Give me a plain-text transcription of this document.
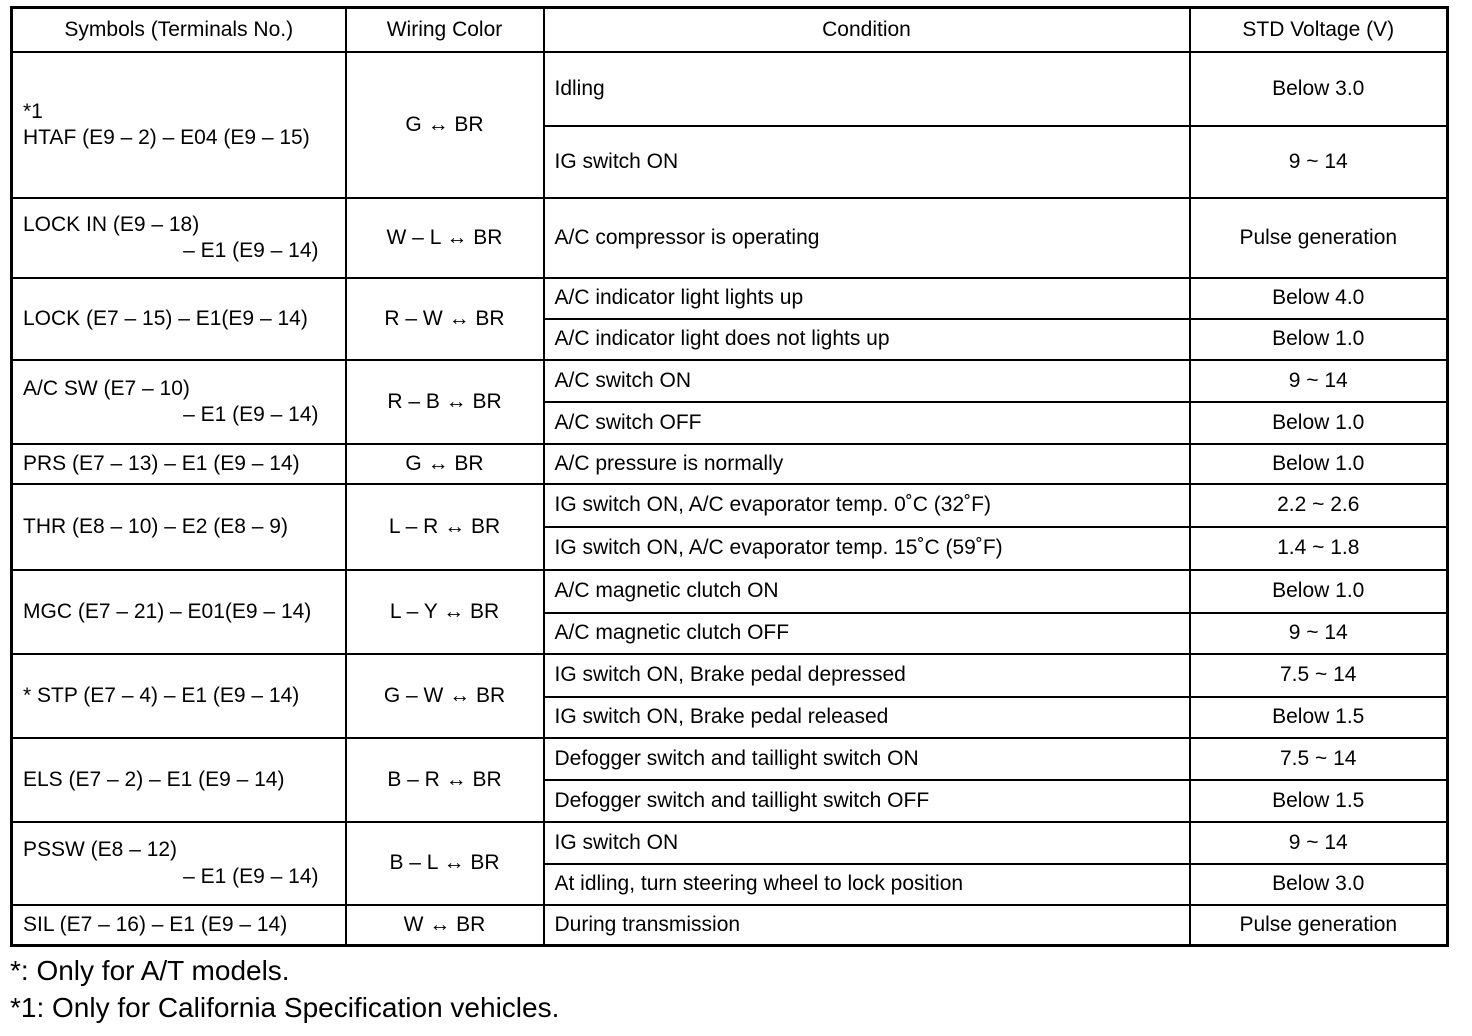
Symbols (Terminals No.)	Wiring Color	Condition	STD Voltage (V)

*1
HTAF (E9 – 2) – E04 (E9 – 15)	G ↔ BR	Idling	Below 3.0
		IG switch ON	9 ~ 14

LOCK IN (E9 – 18)
– E1 (E9 – 14)	W – L ↔ BR	A/C compressor is operating	Pulse generation

LOCK (E7 – 15) – E1(E9 – 14)	R – W ↔ BR	A/C indicator light lights up	Below 4.0
		A/C indicator light does not lights up	Below 1.0

A/C SW (E7 – 10)
– E1 (E9 – 14)	R – B ↔ BR	A/C switch ON	9 ~ 14
		A/C switch OFF	Below 1.0

PRS (E7 – 13) – E1 (E9 – 14)	G ↔ BR	A/C pressure is normally	Below 1.0

THR (E8 – 10) – E2 (E8 – 9)	L – R ↔ BR	IG switch ON, A/C evaporator temp. 0˚C (32˚F)	2.2 ~ 2.6
		IG switch ON, A/C evaporator temp. 15˚C (59˚F)	1.4 ~ 1.8

MGC (E7 – 21) – E01(E9 – 14)	L – Y ↔ BR	A/C magnetic clutch ON	Below 1.0
		A/C magnetic clutch OFF	9 ~ 14

* STP (E7 – 4) – E1 (E9 – 14)	G – W ↔ BR	IG switch ON, Brake pedal depressed	7.5 ~ 14
		IG switch ON, Brake pedal released	Below 1.5

ELS (E7 – 2) – E1 (E9 – 14)	B – R ↔ BR	Defogger switch and taillight switch ON	7.5 ~ 14
		Defogger switch and taillight switch OFF	Below 1.5

PSSW (E8 – 12)
– E1 (E9 – 14)	B – L ↔ BR	IG switch ON	9 ~ 14
		At idling, turn steering wheel to lock position	Below 3.0

SIL (E7 – 16) – E1 (E9 – 14)	W ↔ BR	During transmission	Pulse generation
*: Only for A/T models.
*1: Only for California Specification vehicles.
